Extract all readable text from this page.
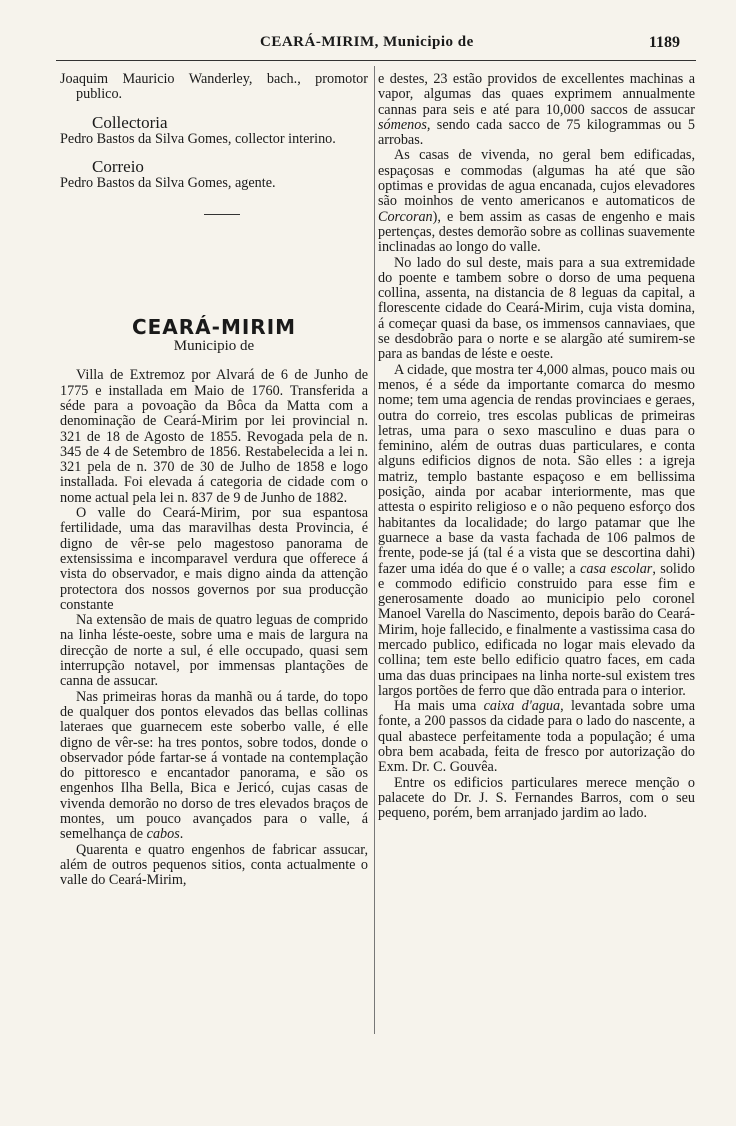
CEARÁ-MIRIM, Municipio de	1189

Joaquim Mauricio Wanderley, bach., promotor publico.

Collectoria

Pedro Bastos da Silva Gomes, collector interino.

Correio

Pedro Bastos da Silva Gomes, agente.

CEARÁ-MIRIM
Municipio de

Villa de Extremoz por Alvará de 6 de Junho de 1775 e installada em Maio de 1760. Transferida a séde para a povoação da Bôca da Matta com a denominação de Ceará-Mirim por lei provincial n. 321 de 18 de Agosto de 1855. Revogada pela de n. 345 de 4 de Setembro de 1856. Restabelecida a lei n. 321 pela de n. 370 de 30 de Julho de 1858 e logo installada. Foi elevada á categoria de cidade com o nome actual pela lei n. 837 de 9 de Junho de 1882.

O valle do Ceará-Mirim, por sua espantosa fertilidade, uma das maravilhas desta Provincia, é digno de vêr-se pelo magestoso panorama de extensissima e incomparavel verdura que offerece á vista do observador, e mais digno ainda da attenção protectora dos nossos governos por sua producção constante

Na extensão de mais de quatro leguas de comprido na linha léste-oeste, sobre uma e mais de largura na direcção de norte a sul, é elle occupado, quasi sem interrupção notavel, por immensas plantações de canna de assucar.

Nas primeiras horas da manhã ou á tarde, do topo de qualquer dos pontos elevados das bellas collinas lateraes que guarnecem este soberbo valle, é elle digno de vêr-se: ha tres pontos, sobre todos, donde o observador póde fartar-se á vontade na contemplação do pittoresco e encantador panorama, e são os engenhos Ilha Bella, Bica e Jericó, cujas casas de vivenda demorão no dorso de tres elevados braços de montes, um pouco avançados para o valle, á semelhança de cabos.

Quarenta e quatro engenhos de fabricar assucar, além de outros pequenos sitios, conta actualmente o valle do Ceará-Mirim,

e destes, 23 estão providos de excellentes machinas a vapor, algumas das quaes exprimem annualmente cannas para seis e até para 10,000 saccos de assucar sómenos, sendo cada sacco de 75 kilogrammas ou 5 arrobas.

As casas de vivenda, no geral bem edificadas, espaçosas e commodas (algumas ha até que são optimas e providas de agua encanada, cujos elevadores são moinhos de vento americanos e automaticos de Corcoran), e bem assim as casas de engenho e mais pertenças, destes demorão sobre as collinas suavemente inclinadas ao longo do valle.

No lado do sul deste, mais para a sua extremidade do poente e tambem sobre o dorso de uma pequena collina, assenta, na distancia de 8 leguas da capital, a florescente cidade do Ceará-Mirim, cuja vista domina, á começar quasi da base, os immensos cannaviaes, que se desdobrão para o norte e se alargão até sumirem-se para as bandas de léste e oeste.

A cidade, que mostra ter 4,000 almas, pouco mais ou menos, é a séde da importante comarca do mesmo nome; tem uma agencia de rendas provinciaes e geraes, outra do correio, tres escolas publicas de primeiras letras, uma para o sexo masculino e duas para o feminino, além de outras duas particulares, e conta alguns edificios dignos de nota. São elles : a igreja matriz, templo bastante espaçoso e em bellissima posição, ainda por acabar interiormente, mas que attesta o espirito religioso e o não pequeno esforço dos habitantes da localidade; do largo patamar que lhe guarnece a base da vasta fachada de 106 palmos de frente, pode-se já (tal é a vista que se descortina dahi) fazer uma idéa do que é o valle; a casa escolar, solido e commodo edificio construido para esse fim e generosamente doado ao municipio pelo coronel Manoel Varella do Nascimento, depois barão do Ceará-Mirim, hoje fallecido, e finalmente a vastissima casa do mercado publico, edificada no logar mais elevado da collina; tem este bello edificio quatro faces, em cada uma das duas principaes na linha norte-sul existem tres largos portões de ferro que dão entrada para o interior.

Ha mais uma caixa d'agua, levantada sobre uma fonte, a 200 passos da cidade para o lado do nascente, a qual abastece perfeitamente toda a população; é uma obra bem acabada, feita de fresco por autorização do Exm. Dr. C. Gouvêa.

Entre os edificios particulares merece menção o palacete do Dr. J. S. Fernandes Barros, com o seu pequeno, porém, bem arranjado jardim ao lado.
